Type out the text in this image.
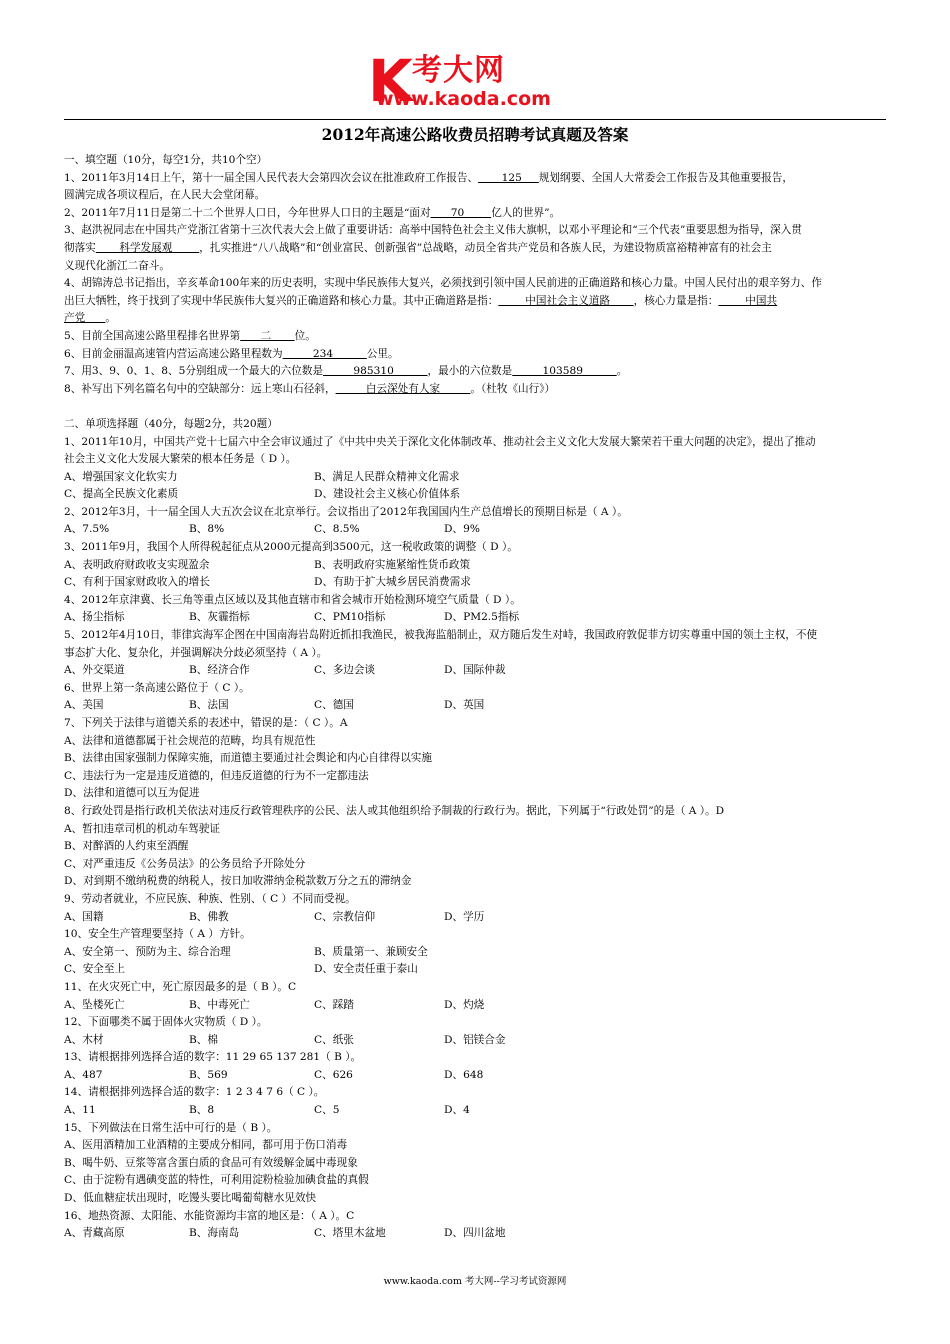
K 考大网
www.kaoda.com
2012年高速公路收费员招聘考试真题及答案
一、填空题（10分，每空1分，共10个空）
1、2011年3月14日上午，第十一届全国人民代表大会第四次会议在批准政府工作报告、       125     规划纲要、全国人大常委会工作报告及其他重要报告，
圆满完成各项议程后，在人民大会堂闭幕。
2、2011年7月11日是第二十二个世界人口日，今年世界人口日的主题是“面对      70        亿人的世界”。
3、赵洪祝同志在中国共产党浙江省第十三次代表大会上做了重要讲话：高举中国特色社会主义伟大旗帜，以邓小平理论和“三个代表”重要思想为指导，深入贯
彻落实       科学发展观        ，扎实推进“八八战略”和“创业富民、创新强省”总战略，动员全省共产党员和各族人民，为建设物质富裕精神富有的社会主
义现代化浙江二奋斗。
4、胡锦涛总书记指出，辛亥革命100年来的历史表明，实现中华民族伟大复兴，必须找到引领中国人民前进的正确道路和核心力量。中国人民付出的艰辛努力、作
出巨大牺牲，终于找到了实现中华民族伟大复兴的正确道路和核心力量。其中正确道路是指：        中国社会主义道路       ，核心力量是指：        中国共
产党      。
5、目前全国高速公路里程排名世界第      二       位。
6、目前金丽温高速管内营运高速公路里程数为         234          公里。
7、用3、9、0、1、8、5分别组成一个最大的六位数是         985310          ，最小的六位数是         103589          。
8、补写出下列名篇名句中的空缺部分：远上寒山石径斜，         白云深处有人家         。（杜牧《山行》）
二、单项选择题（40分，每题2分，共20题）
1、2011年10月，中国共产党十七届六中全会审议通过了《中共中央关于深化文化体制改革、推动社会主义文化大发展大繁荣若干重大问题的决定》，提出了推动
社会主义文化大发展大繁荣的根本任务是（ D ）。
A、增强国家文化软实力	B、满足人民群众精神文化需求
C、提高全民族文化素质	D、建设社会主义核心价值体系
2、2012年3月，十一届全国人大五次会议在北京举行。会议指出了2012年我国国内生产总值增长的预期目标是（ A ）。
A、7.5%	B、8%	C、8.5%	D、9%
3、2011年9月，我国个人所得税起征点从2000元提高到3500元，这一税收政策的调整（ D ）。
A、表明政府财政收支实现盈余	B、表明政府实施紧缩性货币政策
C、有利于国家财政收入的增长	D、有助于扩大城乡居民消费需求
4、2012年京津冀、长三角等重点区域以及其他直辖市和省会城市开始检测环境空气质量（ D ）。
A、扬尘指标	B、灰霾指标	C、PM10指标	D、PM2.5指标
5、2012年4月10日，菲律宾海军企图在中国南海岩岛附近抓扣我渔民，被我海监船制止，双方随后发生对峙，我国政府敦促菲方切实尊重中国的领土主权，不使
事态扩大化、复杂化，并强调解决分歧必须坚持（ A ）。
A、外交渠道	B、经济合作	C、多边会谈	D、国际仲裁
6、世界上第一条高速公路位于（ C ）。
A、美国	B、法国	C、德国	D、英国
7、下列关于法律与道德关系的表述中，错误的是：（ C ）。A
A、法律和道德都属于社会规范的范畴，均具有规范性
B、法律由国家强制力保障实施，而道德主要通过社会舆论和内心自律得以实施
C、违法行为一定是违反道德的，但违反道德的行为不一定都违法
D、法律和道德可以互为促进
8、行政处罚是指行政机关依法对违反行政管理秩序的公民、法人或其他组织给予制裁的行政行为。据此，下列属于“行政处罚”的是（ A ）。D
A、暂扣违章司机的机动车驾驶证
B、对醉酒的人约束至酒醒
C、对严重违反《公务员法》的公务员给予开除处分
D、对到期不缴纳税费的纳税人，按日加收滞纳金税款数万分之五的滞纳金
9、劳动者就业，不应民族、种族、性别、（ C ）不同而受视。
A、国籍	B、佛教	C、宗教信仰	D、学历
10、安全生产管理要坚持（ A ）方针。
A、安全第一、预防为主、综合治理	B、质量第一、兼顾安全
C、安全至上	D、安全责任重于泰山
11、在火灾死亡中，死亡原因最多的是（ B ）。C
A、坠楼死亡	B、中毒死亡	C、踩踏	D、灼烧
12、下面哪类不属于固体火灾物质（ D ）。
A、木材	B、棉	C、纸张	D、铝镁合金
13、请根据排列选择合适的数字：11 29 65 137 281（ B ）。
A、487	B、569	C、626	D、648
14、请根据排列选择合适的数字：1 2 3 4 7 6（ C ）。
A、11	B、8	C、5	D、4
15、下列做法在日常生活中可行的是（ B ）。
A、医用酒精加工业酒精的主要成分相同，都可用于伤口消毒
B、喝牛奶、豆浆等富含蛋白质的食品可有效缓解金属中毒现象
C、由于淀粉有遇碘变蓝的特性，可利用淀粉检验加碘食盐的真假
D、低血糖症状出现时，吃馒头要比喝葡萄糖水见效快
16、地热资源、太阳能、水能资源均丰富的地区是：（ A ）。C
A、青藏高原	B、海南岛	C、塔里木盆地	D、四川盆地
www.kaoda.com 考大网--学习考试资源网
